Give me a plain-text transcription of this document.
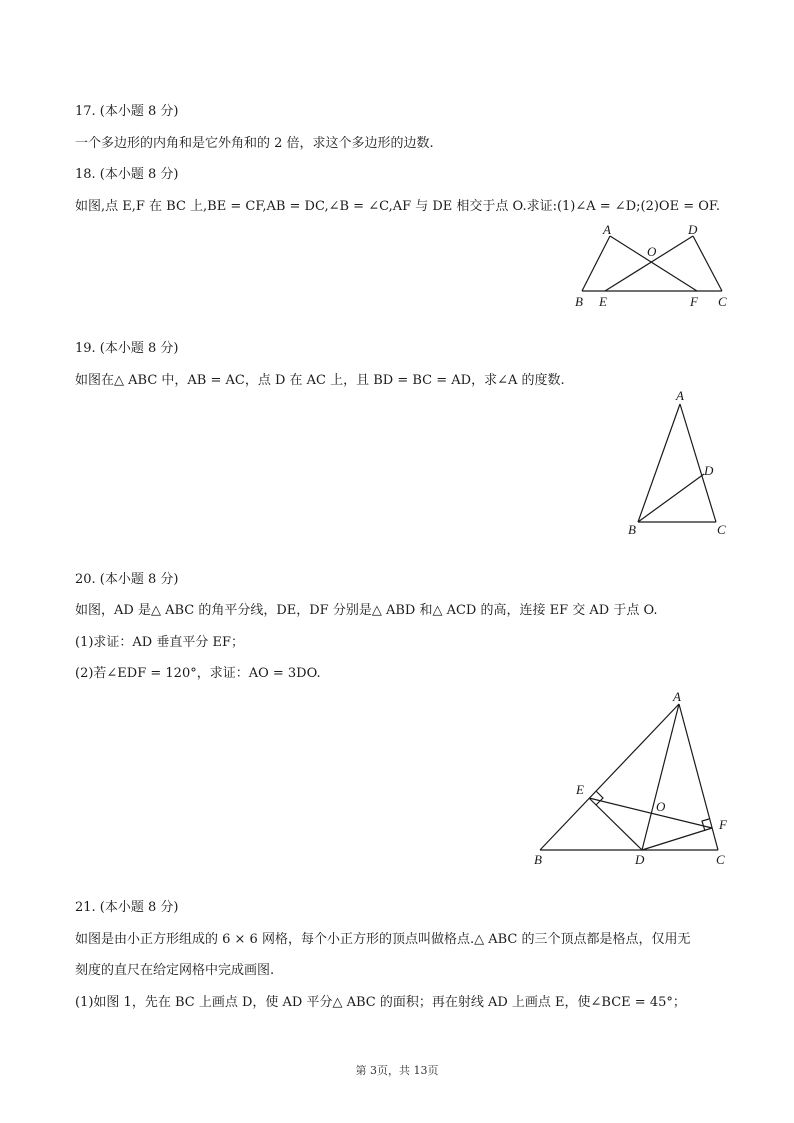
17. (本小题 8 分)
一个多边形的内角和是它外角和的 2 倍，求这个多边形的边数.
18. (本小题 8 分)
如图,点 E,F 在 BC 上,BE = CF,AB = DC,∠B = ∠C,AF 与 DE 相交于点 O.求证:(1)∠A = ∠D;(2)OE = OF.
A	D
O
B E	F C
19. (本小题 8 分)
如图在△ ABC 中，AB = AC，点 D 在 AC 上，且 BD = BC = AD，求∠A 的度数.
A
D
B	C
20. (本小题 8 分)
如图，AD 是△ ABC 的角平分线，DE，DF 分别是△ ABD 和△ ACD 的高，连接 EF 交 AD 于点 O.
(1)求证：AD 垂直平分 EF；
(2)若∠EDF = 120°，求证：AO = 3DO.
A
E
O
F
B	D	C
21. (本小题 8 分)
如图是由小正方形组成的 6 × 6 网格，每个小正方形的顶点叫做格点.△ ABC 的三个顶点都是格点，仅用无
刻度的直尺在给定网格中完成画图.
(1)如图 1，先在 BC 上画点 D，使 AD 平分△ ABC 的面积；再在射线 AD 上画点 E，使∠BCE = 45°；
第 3页，共 13页
